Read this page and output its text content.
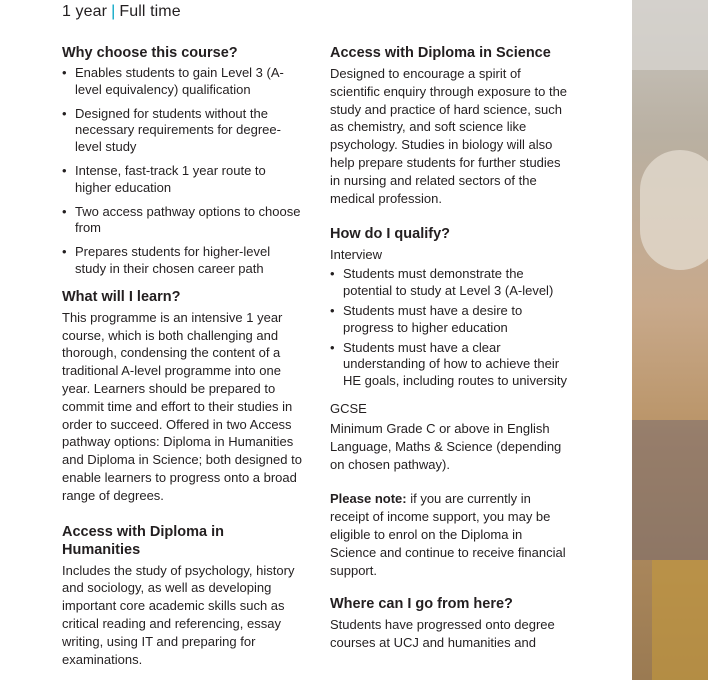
1 year | Full time
Why choose this course?
• Enables students to gain Level 3 (A-level equivalency) qualification
• Designed for students without the necessary requirements for degree-level study
• Intense, fast-track 1 year route to higher education
• Two access pathway options to choose from
• Prepares students for higher-level study in their chosen career path
What will I learn?

This programme is an intensive 1 year course, which is both challenging and thorough, condensing the content of a traditional A-level programme into one year. Learners should be prepared to commit time and effort to their studies in order to succeed. Offered in two Access pathway options: Diploma in Humanities and Diploma in Science; both designed to enable learners to progress onto a broad range of degrees.

Access with Diploma in Humanities

Includes the study of psychology, history and sociology, as well as developing important core academic skills such as critical reading and referencing, essay writing, using IT and preparing for examinations.

Access with Diploma in Science

Designed to encourage a spirit of scientific enquiry through exposure to the study and practice of hard science, such as chemistry, and soft science like psychology. Studies in biology will also help prepare students for further studies in nursing and related sectors of the medical profession.

How do I qualify?
Interview
• Students must demonstrate the potential to study at Level 3 (A-level)
• Students must have a desire to progress to higher education
• Students must have a clear understanding of how to achieve their HE goals, including routes to university
GCSE

Minimum Grade C or above in English Language, Maths & Science (depending on chosen pathway).

Please note: if you are currently in receipt of income support, you may be eligible to enrol on the Diploma in Science and continue to receive financial support.

Where can I go from here?

Students have progressed onto degree courses at UCJ and humanities and
